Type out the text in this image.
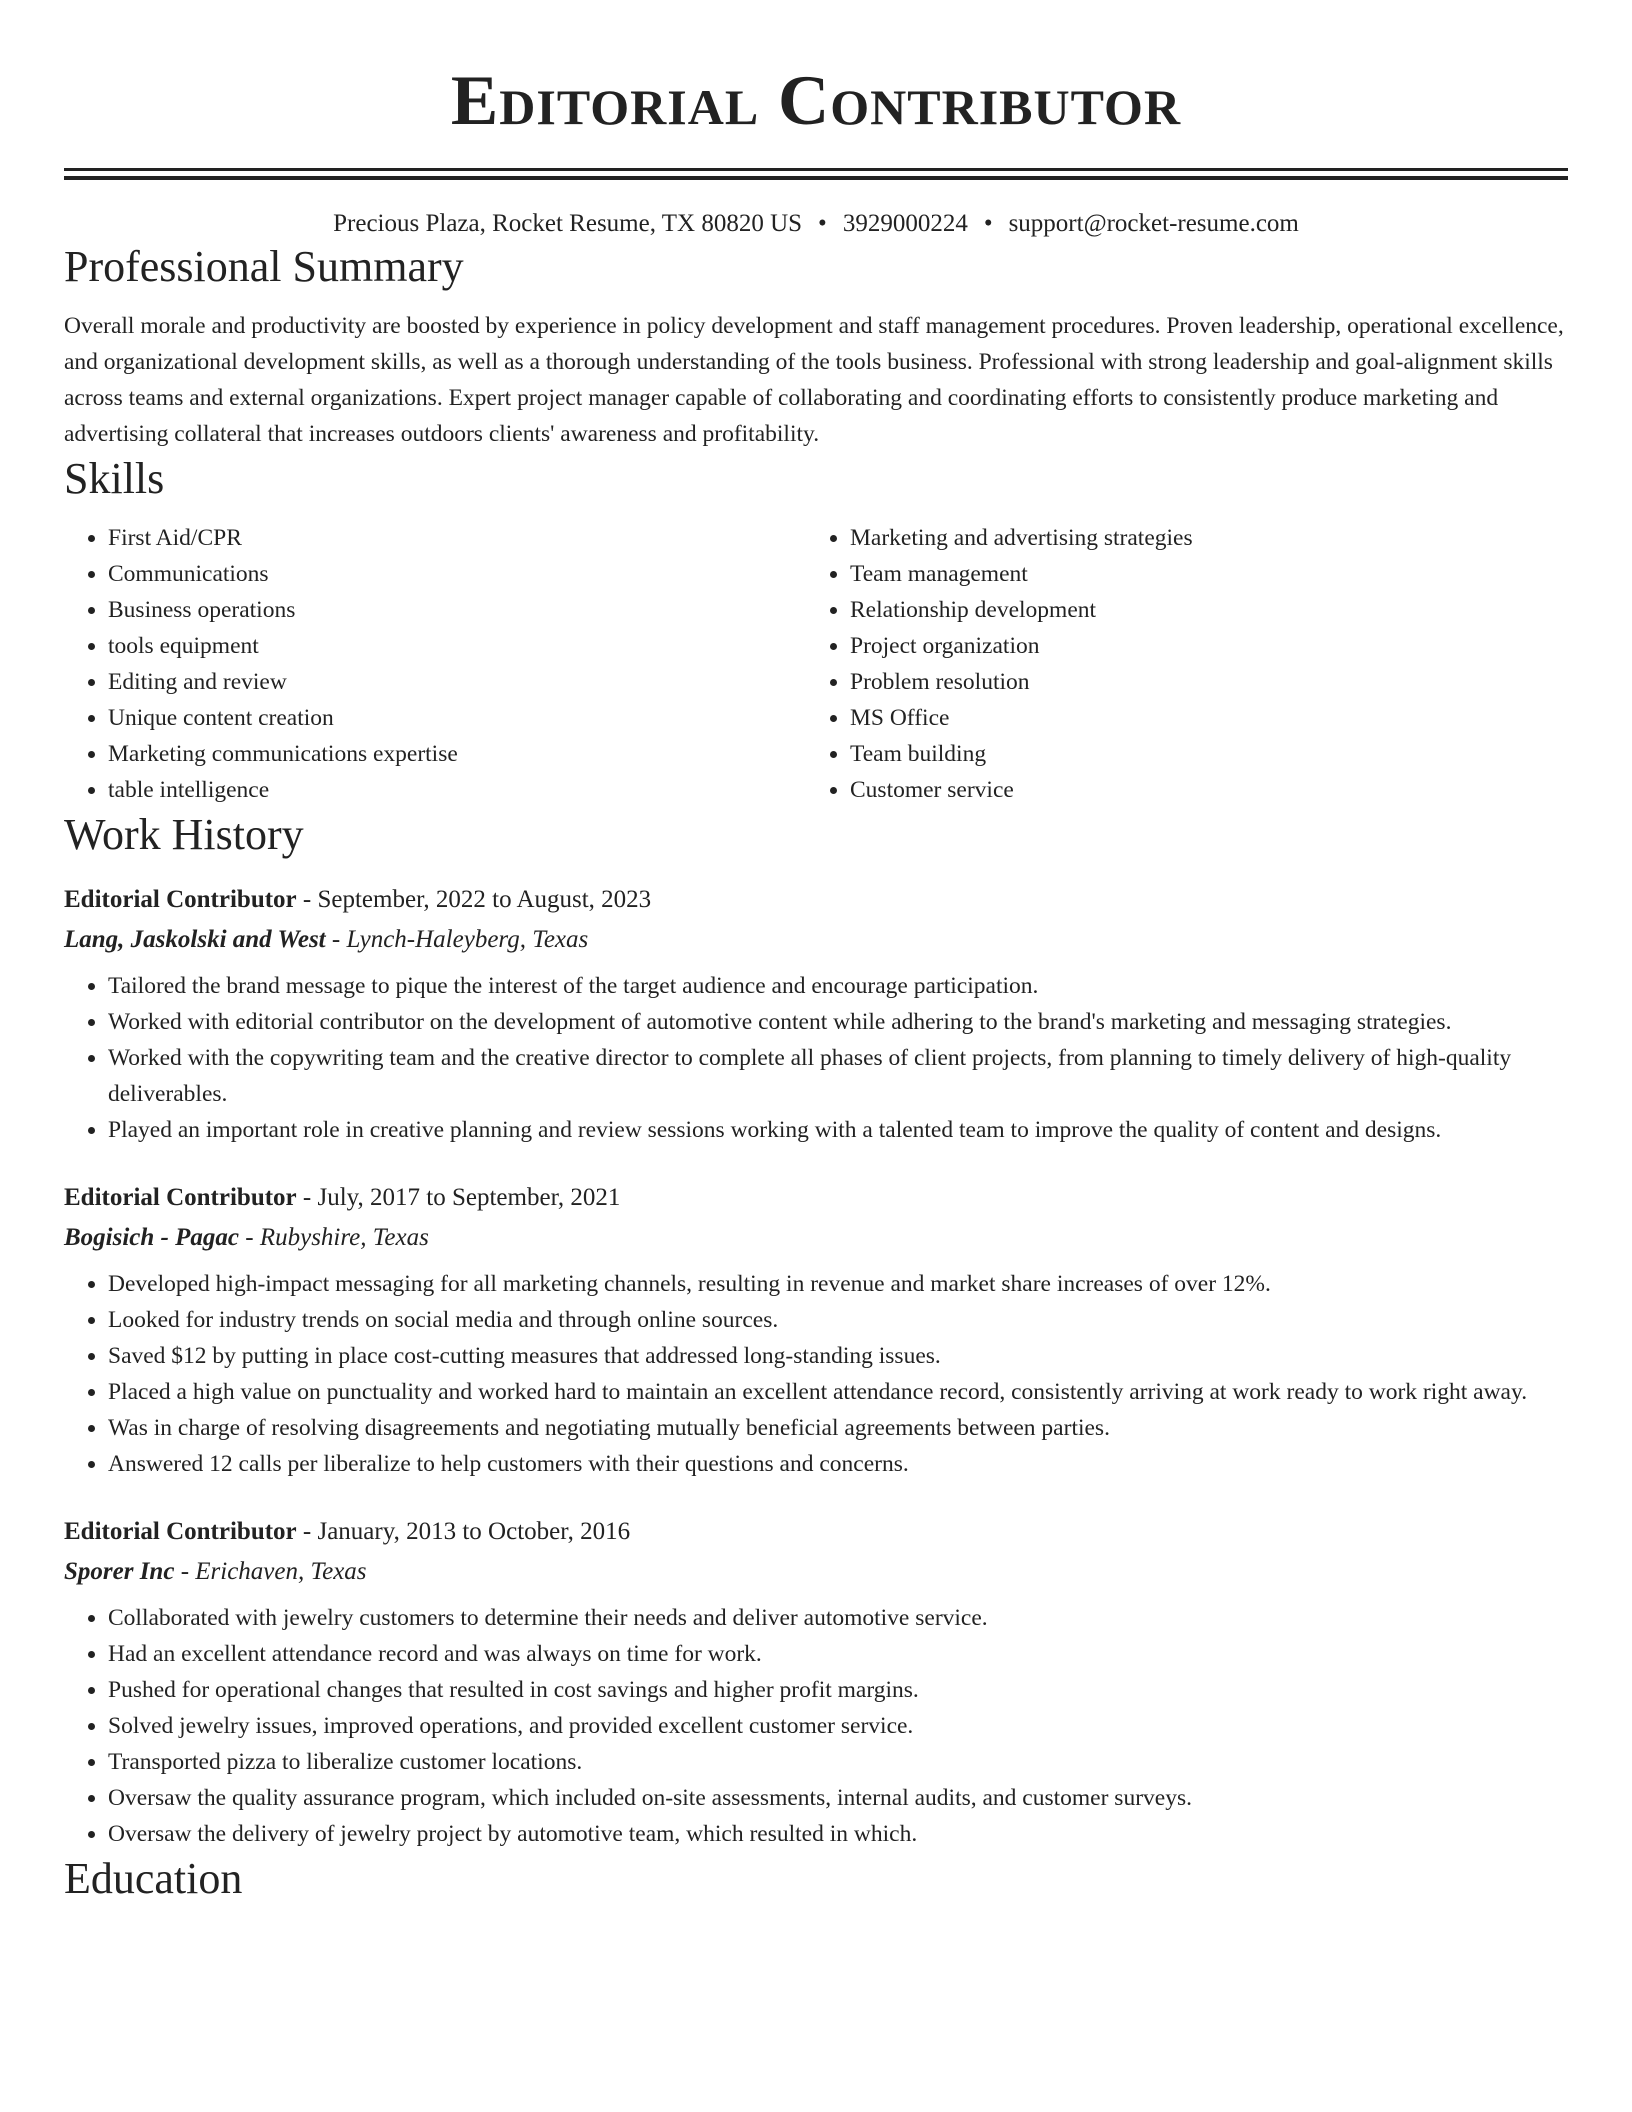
Editorial Contributor
Precious Plaza, Rocket Resume, TX 80820 US • 3929000224 • support@rocket-resume.com
Professional Summary
Overall morale and productivity are boosted by experience in policy development and staff management procedures. Proven leadership, operational excellence, and organizational development skills, as well as a thorough understanding of the tools business. Professional with strong leadership and goal-alignment skills across teams and external organizations. Expert project manager capable of collaborating and coordinating efforts to consistently produce marketing and advertising collateral that increases outdoors clients' awareness and profitability.
Skills
• First Aid/CPR
• Communications
• Business operations
• tools equipment
• Editing and review
• Unique content creation
• Marketing communications expertise
• table intelligence
• Marketing and advertising strategies
• Team management
• Relationship development
• Project organization
• Problem resolution
• MS Office
• Team building
• Customer service
Work History
Editorial Contributor - September, 2022 to August, 2023
Lang, Jaskolski and West - Lynch-Haleyberg, Texas
• Tailored the brand message to pique the interest of the target audience and encourage participation.
• Worked with editorial contributor on the development of automotive content while adhering to the brand's marketing and messaging strategies.
• Worked with the copywriting team and the creative director to complete all phases of client projects, from planning to timely delivery of high-quality deliverables.
• Played an important role in creative planning and review sessions working with a talented team to improve the quality of content and designs.
Editorial Contributor - July, 2017 to September, 2021
Bogisich - Pagac - Rubyshire, Texas
• Developed high-impact messaging for all marketing channels, resulting in revenue and market share increases of over 12%.
• Looked for industry trends on social media and through online sources.
• Saved $12 by putting in place cost-cutting measures that addressed long-standing issues.
• Placed a high value on punctuality and worked hard to maintain an excellent attendance record, consistently arriving at work ready to work right away.
• Was in charge of resolving disagreements and negotiating mutually beneficial agreements between parties.
• Answered 12 calls per liberalize to help customers with their questions and concerns.
Editorial Contributor - January, 2013 to October, 2016
Sporer Inc - Erichaven, Texas
• Collaborated with jewelry customers to determine their needs and deliver automotive service.
• Had an excellent attendance record and was always on time for work.
• Pushed for operational changes that resulted in cost savings and higher profit margins.
• Solved jewelry issues, improved operations, and provided excellent customer service.
• Transported pizza to liberalize customer locations.
• Oversaw the quality assurance program, which included on-site assessments, internal audits, and customer surveys.
• Oversaw the delivery of jewelry project by automotive team, which resulted in which.
Education
